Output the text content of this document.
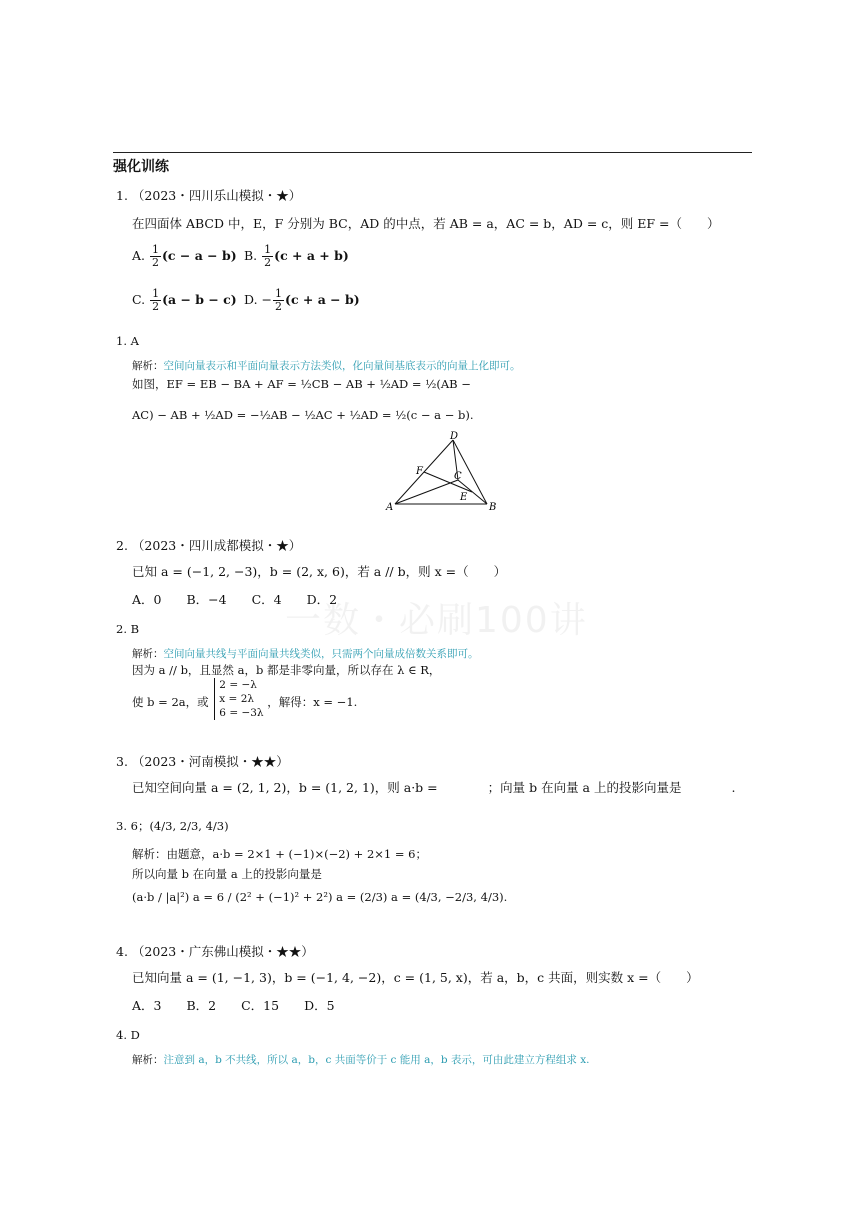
强化训练
1. （2023・四川乐山模拟・★）
在四面体 ABCD 中，E，F 分别为 BC，AD 的中点，若 AB = a，AC = b，AD = c，则 EF =（　　）
A. $\frac{1}{2} (c - a - b)$ B. $\frac{1}{2} (c + a + b)$
C. $\frac{1}{2} (a - b - c) D$. − $\frac{1}{2} (c + a - b)$
1. A
解析：空间向量表示和平面向量表示方法类似，化向量间基底表示的向量上化即可。
如图，EF = EB − BA + AF = ½CB − AB + ½AD = ½(AB −
AC) − AB + ½AD = −½AB − ½AC + ½AD = ½(c − a − b).
D
A	B
C
E
F
2. （2023・四川成都模拟・★）
已知 a = (−1, 2, −3)，b = (2, x, 6)，若 a // b，则 x =（　　）
A．0　　B．−4　　C．4　　D．2
一数・必刷100讲
2. B
解析：空间向量共线与平面向量共线类似，只需两个向量成倍数关系即可。
因为 a // b，且显然 a，b 都是非零向量，所以存在 λ ∈ R，
使 b = 2a，或
2 = −λ
x = 2λ
6 = −3λ
，解得：x = −1.
3. （2023・河南模拟・★★）
已知空间向量 a = (2, 1, 2)，b = (1, 2, 1)，则 a·b =　　　　；向量 b 在向量 a 上的投影向量是　　　　.
3. 6；(4/3, 2/3, 4/3)
解析：由题意，a·b = 2×1 + (−1)×(−2) + 2×1 = 6；
所以向量 b 在向量 a 上的投影向量是
(a·b / |a|²) a = 6 / (2² + (−1)² + 2²) a = (2/3) a = (4/3, −2/3, 4/3).
4. （2023・广东佛山模拟・★★）
已知向量 a = (1, −1, 3)，b = (−1, 4, −2)，c = (1, 5, x)，若 a，b，c 共面，则实数 x =（　　）
A．3　　B．2　　C．15　　D．5
4. D
解析：注意到 a，b 不共线，所以 a，b，c 共面等价于 c 能用 a，b 表示，可由此建立方程组求 x.
